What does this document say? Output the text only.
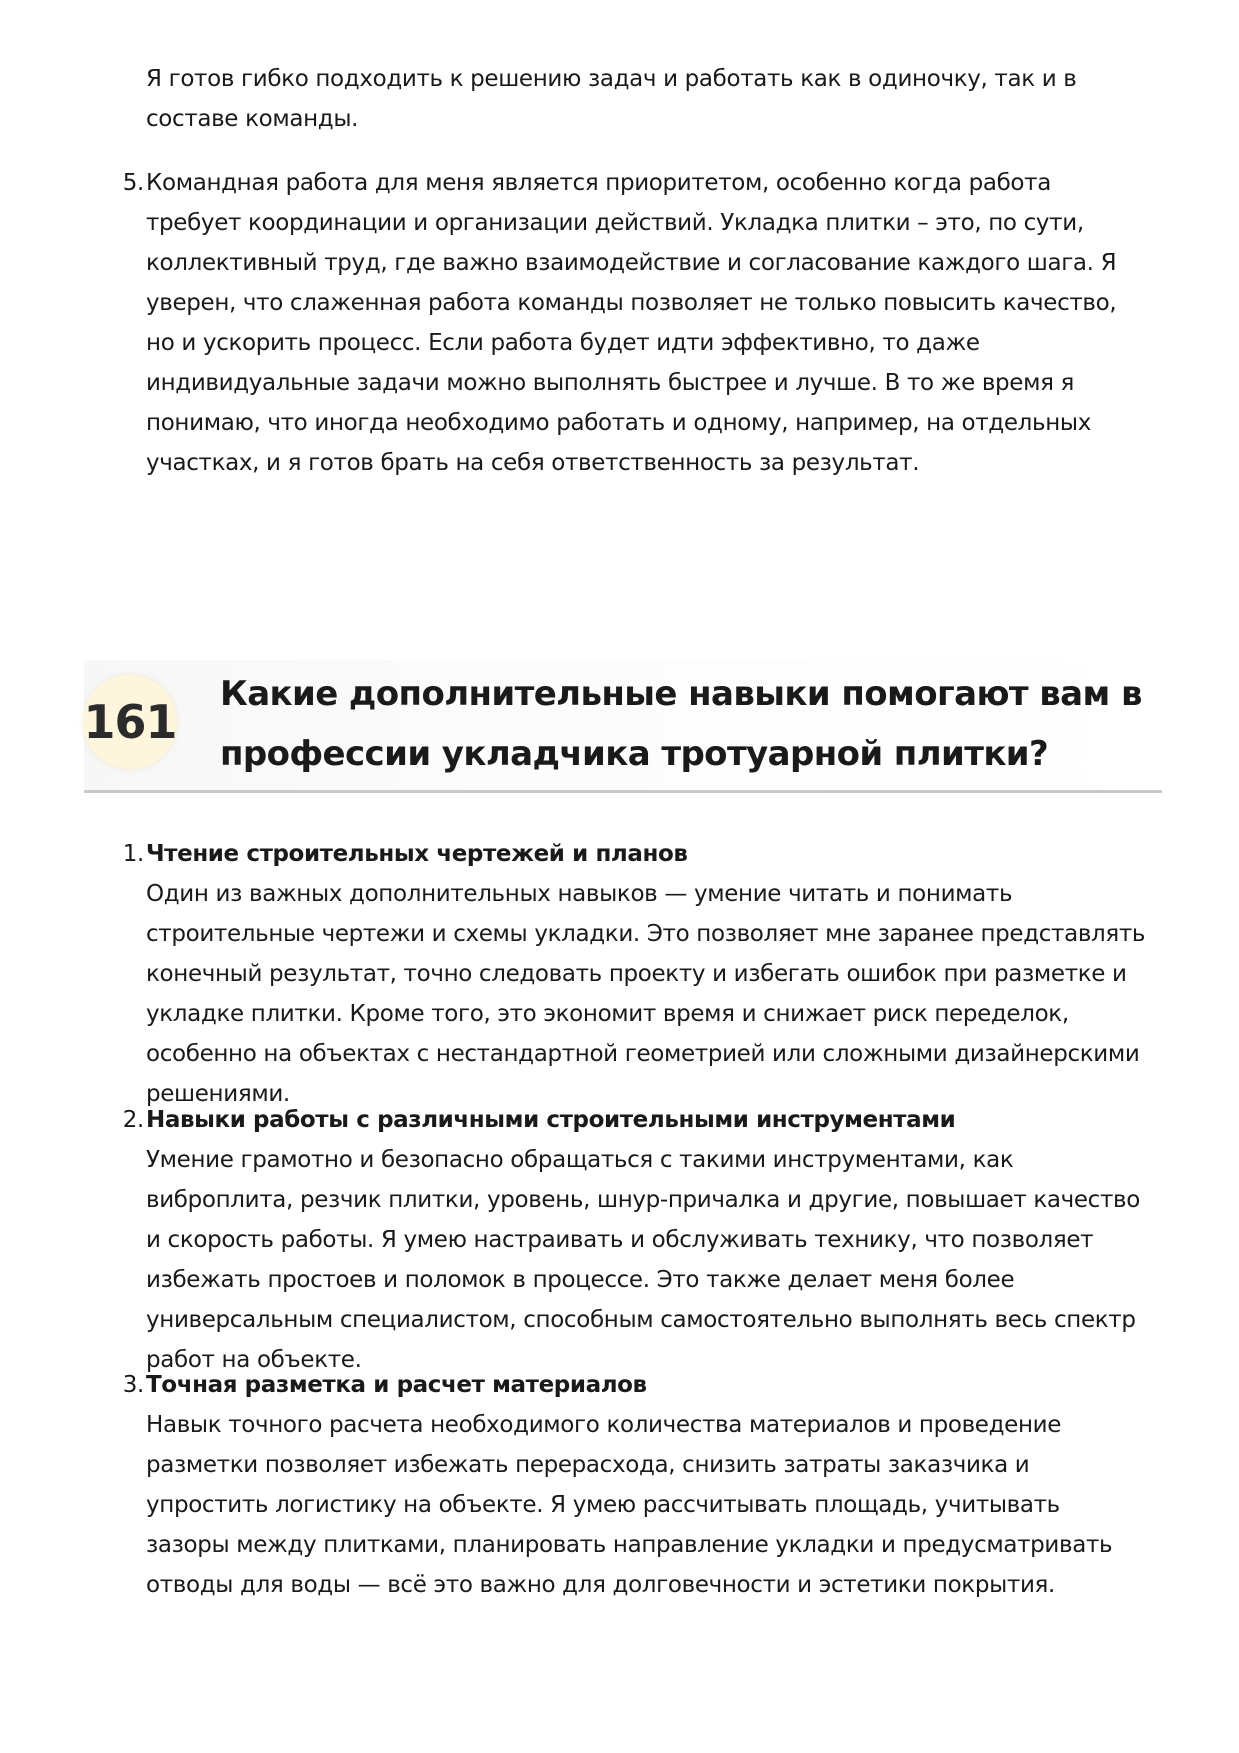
Я готов гибко подходить к решению задач и работать как в одиночку, так и в составе команды.

5. Командная работа для меня является приоритетом, особенно когда работа требует координации и организации действий. Укладка плитки – это, по сути, коллективный труд, где важно взаимодействие и согласование каждого шага. Я уверен, что слаженная работа команды позволяет не только повысить качество, но и ускорить процесс. Если работа будет идти эффективно, то даже индивидуальные задачи можно выполнять быстрее и лучше. В то же время я понимаю, что иногда необходимо работать и одному, например, на отдельных участках, и я готов брать на себя ответственность за результат.
161
Какие дополнительные навыки помогают вам в профессии укладчика тротуарной плитки?
1. Чтение строительных чертежей и планов
Один из важных дополнительных навыков — умение читать и понимать строительные чертежи и схемы укладки. Это позволяет мне заранее представлять конечный результат, точно следовать проекту и избегать ошибок при разметке и укладке плитки. Кроме того, это экономит время и снижает риск переделок, особенно на объектах с нестандартной геометрией или сложными дизайнерскими решениями.
2. Навыки работы с различными строительными инструментами
Умение грамотно и безопасно обращаться с такими инструментами, как виброплита, резчик плитки, уровень, шнур-причалка и другие, повышает качество и скорость работы. Я умею настраивать и обслуживать технику, что позволяет избежать простоев и поломок в процессе. Это также делает меня более универсальным специалистом, способным самостоятельно выполнять весь спектр работ на объекте.
3. Точная разметка и расчет материалов
Навык точного расчета необходимого количества материалов и проведение разметки позволяет избежать перерасхода, снизить затраты заказчика и упростить логистику на объекте. Я умею рассчитывать площадь, учитывать зазоры между плитками, планировать направление укладки и предусматривать отводы для воды — всё это важно для долговечности и эстетики покрытия.
